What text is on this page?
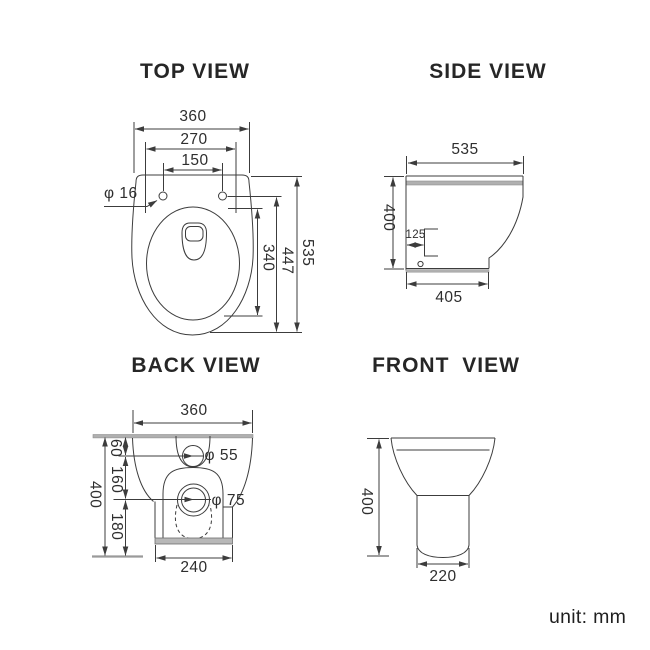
TOP VIEW
360
270
150
φ 16
340 447 535
SIDE VIEW
535
400
125
405
BACK VIEW
360
60
160
180
400
φ 55
φ 75
240
FRONT VIEW
400
220
unit: mm
